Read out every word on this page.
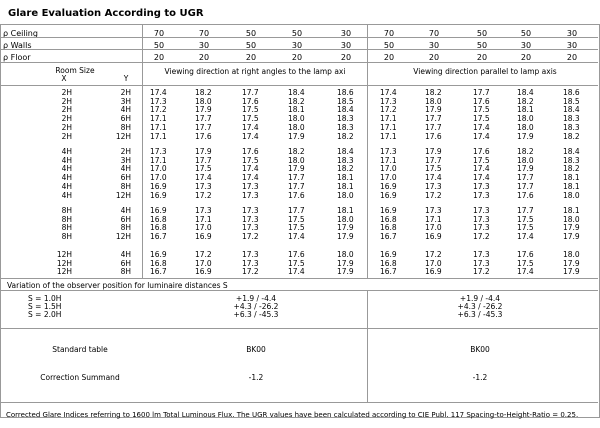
Glare Evaluation According to UGR
ρ Ceiling	70	70	50	50	30	70	70	50	50	30
ρ Walls	50	30	50	30	30	50	30	50	30	30
ρ Floor	20	20	20	20	20	20	20	20	20	20
Room Size
X	Y
Viewing direction at right angles to the lamp axi	Viewing direction parallel to lamp axis
2H	2H	17.4	18.2	17.7	18.4	18.6	17.4	18.2	17.7	18.4	18.6
2H	3H	17.3	18.0	17.6	18.2	18.5	17.3	18.0	17.6	18.2	18.5
2H	4H	17.2	17.9	17.5	18.1	18.4	17.2	17.9	17.5	18.1	18.4
2H	6H	17.1	17.7	17.5	18.0	18.3	17.1	17.7	17.5	18.0	18.3
2H	8H	17.1	17.7	17.4	18.0	18.3	17.1	17.7	17.4	18.0	18.3
2H	12H	17.1	17.6	17.4	17.9	18.2	17.1	17.6	17.4	17.9	18.2
4H	2H	17.3	17.9	17.6	18.2	18.4	17.3	17.9	17.6	18.2	18.4
4H	3H	17.1	17.7	17.5	18.0	18.3	17.1	17.7	17.5	18.0	18.3
4H	4H	17.0	17.5	17.4	17.9	18.2	17.0	17.5	17.4	17.9	18.2
4H	6H	17.0	17.4	17.4	17.7	18.1	17.0	17.4	17.4	17.7	18.1
4H	8H	16.9	17.3	17.3	17.7	18.1	16.9	17.3	17.3	17.7	18.1
4H	12H	16.9	17.2	17.3	17.6	18.0	16.9	17.2	17.3	17.6	18.0
8H	4H	16.9	17.3	17.3	17.7	18.1	16.9	17.3	17.3	17.7	18.1
8H	6H	16.8	17.1	17.3	17.5	18.0	16.8	17.1	17.3	17.5	18.0
8H	8H	16.8	17.0	17.3	17.5	17.9	16.8	17.0	17.3	17.5	17.9
8H	12H	16.7	16.9	17.2	17.4	17.9	16.7	16.9	17.2	17.4	17.9
12H	4H	16.9	17.2	17.3	17.6	18.0	16.9	17.2	17.3	17.6	18.0
12H	6H	16.8	17.0	17.3	17.5	17.9	16.8	17.0	17.3	17.5	17.9
12H	8H	16.7	16.9	17.2	17.4	17.9	16.7	16.9	17.2	17.4	17.9
Variation of the observer position for luminaire distances S
S = 1.0H	+1.9 / -4.4	+1.9 / -4.4
S = 1.5H	+4.3 / -26.2	+4.3 / -26.2
S = 2.0H	+6.3 / -45.3	+6.3 / -45.3
Standard table	BK00	BK00
Correction Summand	-1.2	-1.2
Corrected Glare Indices referring to 1600 lm Total Luminous Flux. The UGR values have been calculated according to CIE Publ. 117 Spacing-to-Height-Ratio = 0.25.
